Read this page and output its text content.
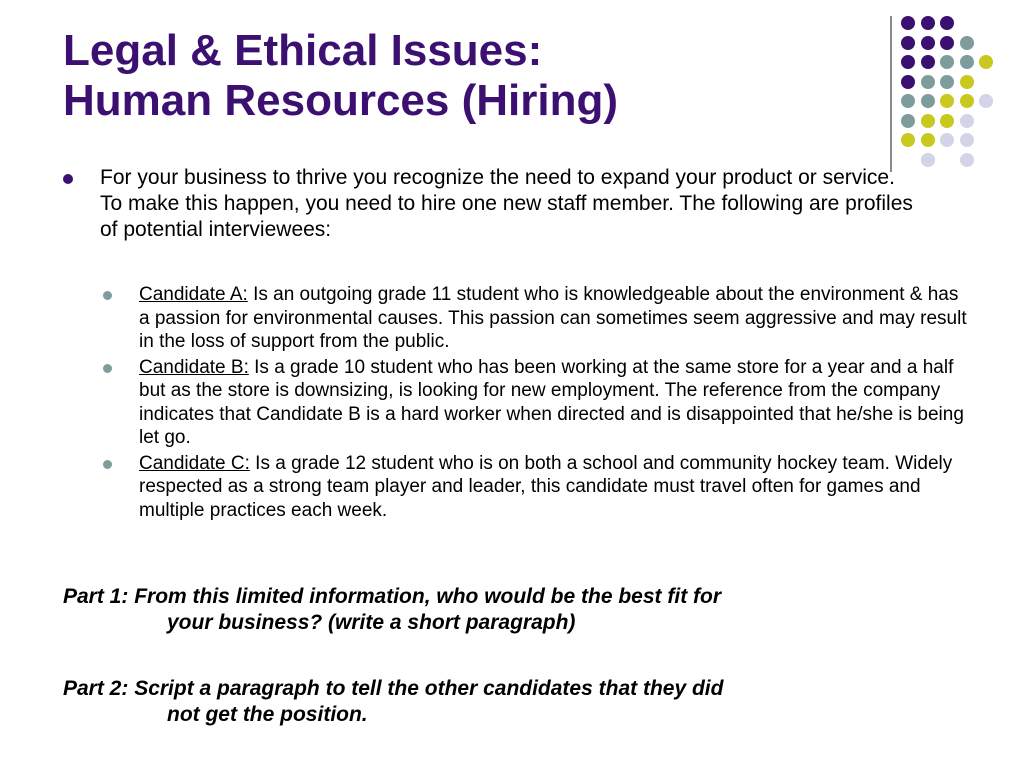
Legal & Ethical Issues:
Human Resources (Hiring)
For your business to thrive you recognize the need to expand your product or service. To make this happen, you need to hire one new staff member. The following are profiles of potential interviewees:
Candidate A: Is an outgoing grade 11 student who is knowledgeable about the environment & has a passion for environmental causes. This passion can sometimes seem aggressive and may result in the loss of support from the public.
Candidate B: Is a grade 10 student who has been working at the same store for a year and a half but as the store is downsizing, is looking for new employment. The reference from the company indicates that Candidate B is a hard worker when directed and is disappointed that he/she is being let go.
Candidate C: Is a grade 12 student who is on both a school and community hockey team. Widely respected as a strong team player and leader, this candidate must travel often for games and multiple practices each week.
Part 1: From this limited information, who would be the best fit for
your business? (write a short paragraph)
Part 2: Script a paragraph to tell the other candidates that they did
not get the position.
